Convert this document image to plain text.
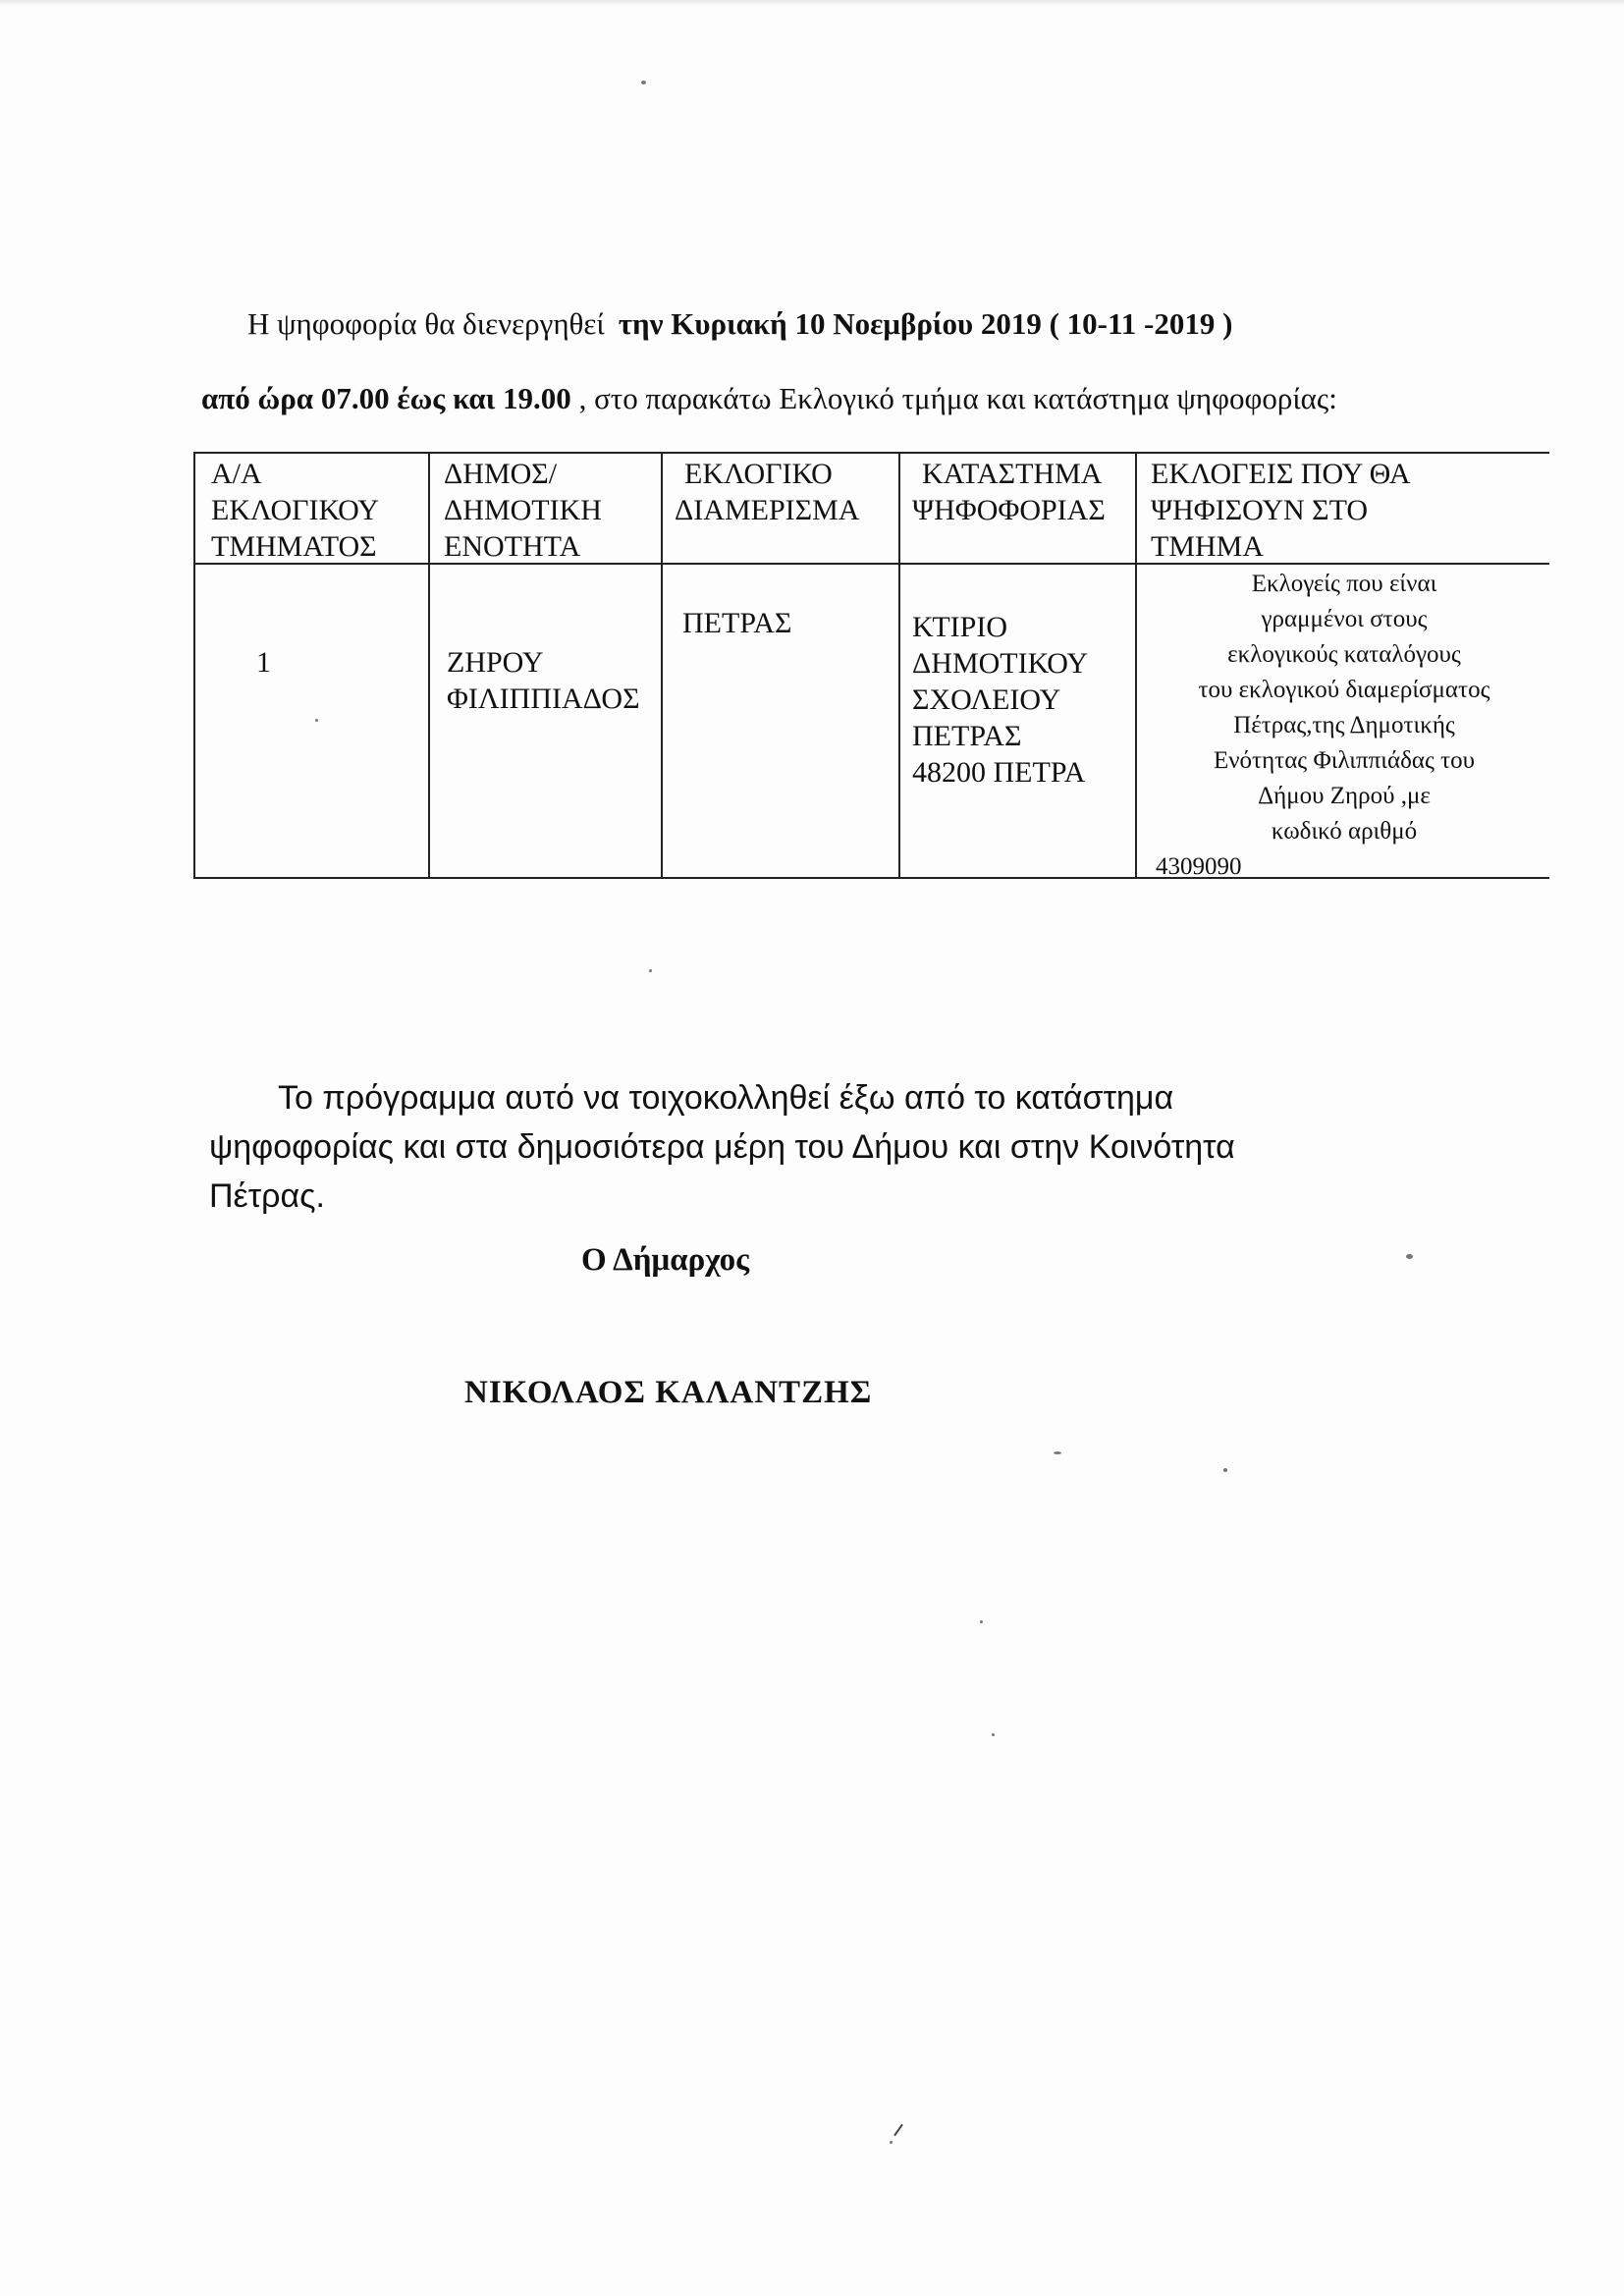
Η ψηφοφορία θα διενεργηθεί την Κυριακή 10 Νοεμβρίου 2019 ( 10-11 -2019 )
από ώρα 07.00 έως και 19.00 , στο παρακάτω Εκλογικό τμήμα και κατάστημα ψηφοφορίας:
Α/Α
ΕΚΛΟΓΙΚΟΥ
ΤΜΗΜΑΤΟΣ
ΔΗΜΟΣ/
ΔΗΜΟΤΙΚΗ
ΕΝΟΤΗΤΑ
ΕΚΛΟΓΙΚΟ
ΔΙΑΜΕΡΙΣΜΑ
ΚΑΤΑΣΤΗΜΑ
ΨΗΦΟΦΟΡΙΑΣ
ΕΚΛΟΓΕΙΣ ΠΟΥ ΘΑ
ΨΗΦΙΣΟΥΝ ΣΤΟ
ΤΜΗΜΑ
1	ΖΗΡΟΥ
ΦΙΛΙΠΠΙΑΔΟΣ
ΠΕΤΡΑΣ	ΚΤΙΡΙΟ
ΔΗΜΟΤΙΚΟΥ
ΣΧΟΛΕΙΟΥ
ΠΕΤΡΑΣ
48200 ΠΕΤΡΑ
Εκλογείς που είναι
γραμμένοι στους
εκλογικούς καταλόγους
του εκλογικού διαμερίσματος
Πέτρας,της Δημοτικής
Ενότητας Φιλιππιάδας του
Δήμου Ζηρού ,με
κωδικό αριθμό
4309090
Το πρόγραμμα αυτό να τοιχοκολληθεί έξω από το κατάστημα
ψηφοφορίας και στα δημοσιότερα μέρη του Δήμου και στην Κοινότητα
Πέτρας.
Ο Δήμαρχος
ΝΙΚΟΛΑΟΣ ΚΑΛΑΝΤΖΗΣ
